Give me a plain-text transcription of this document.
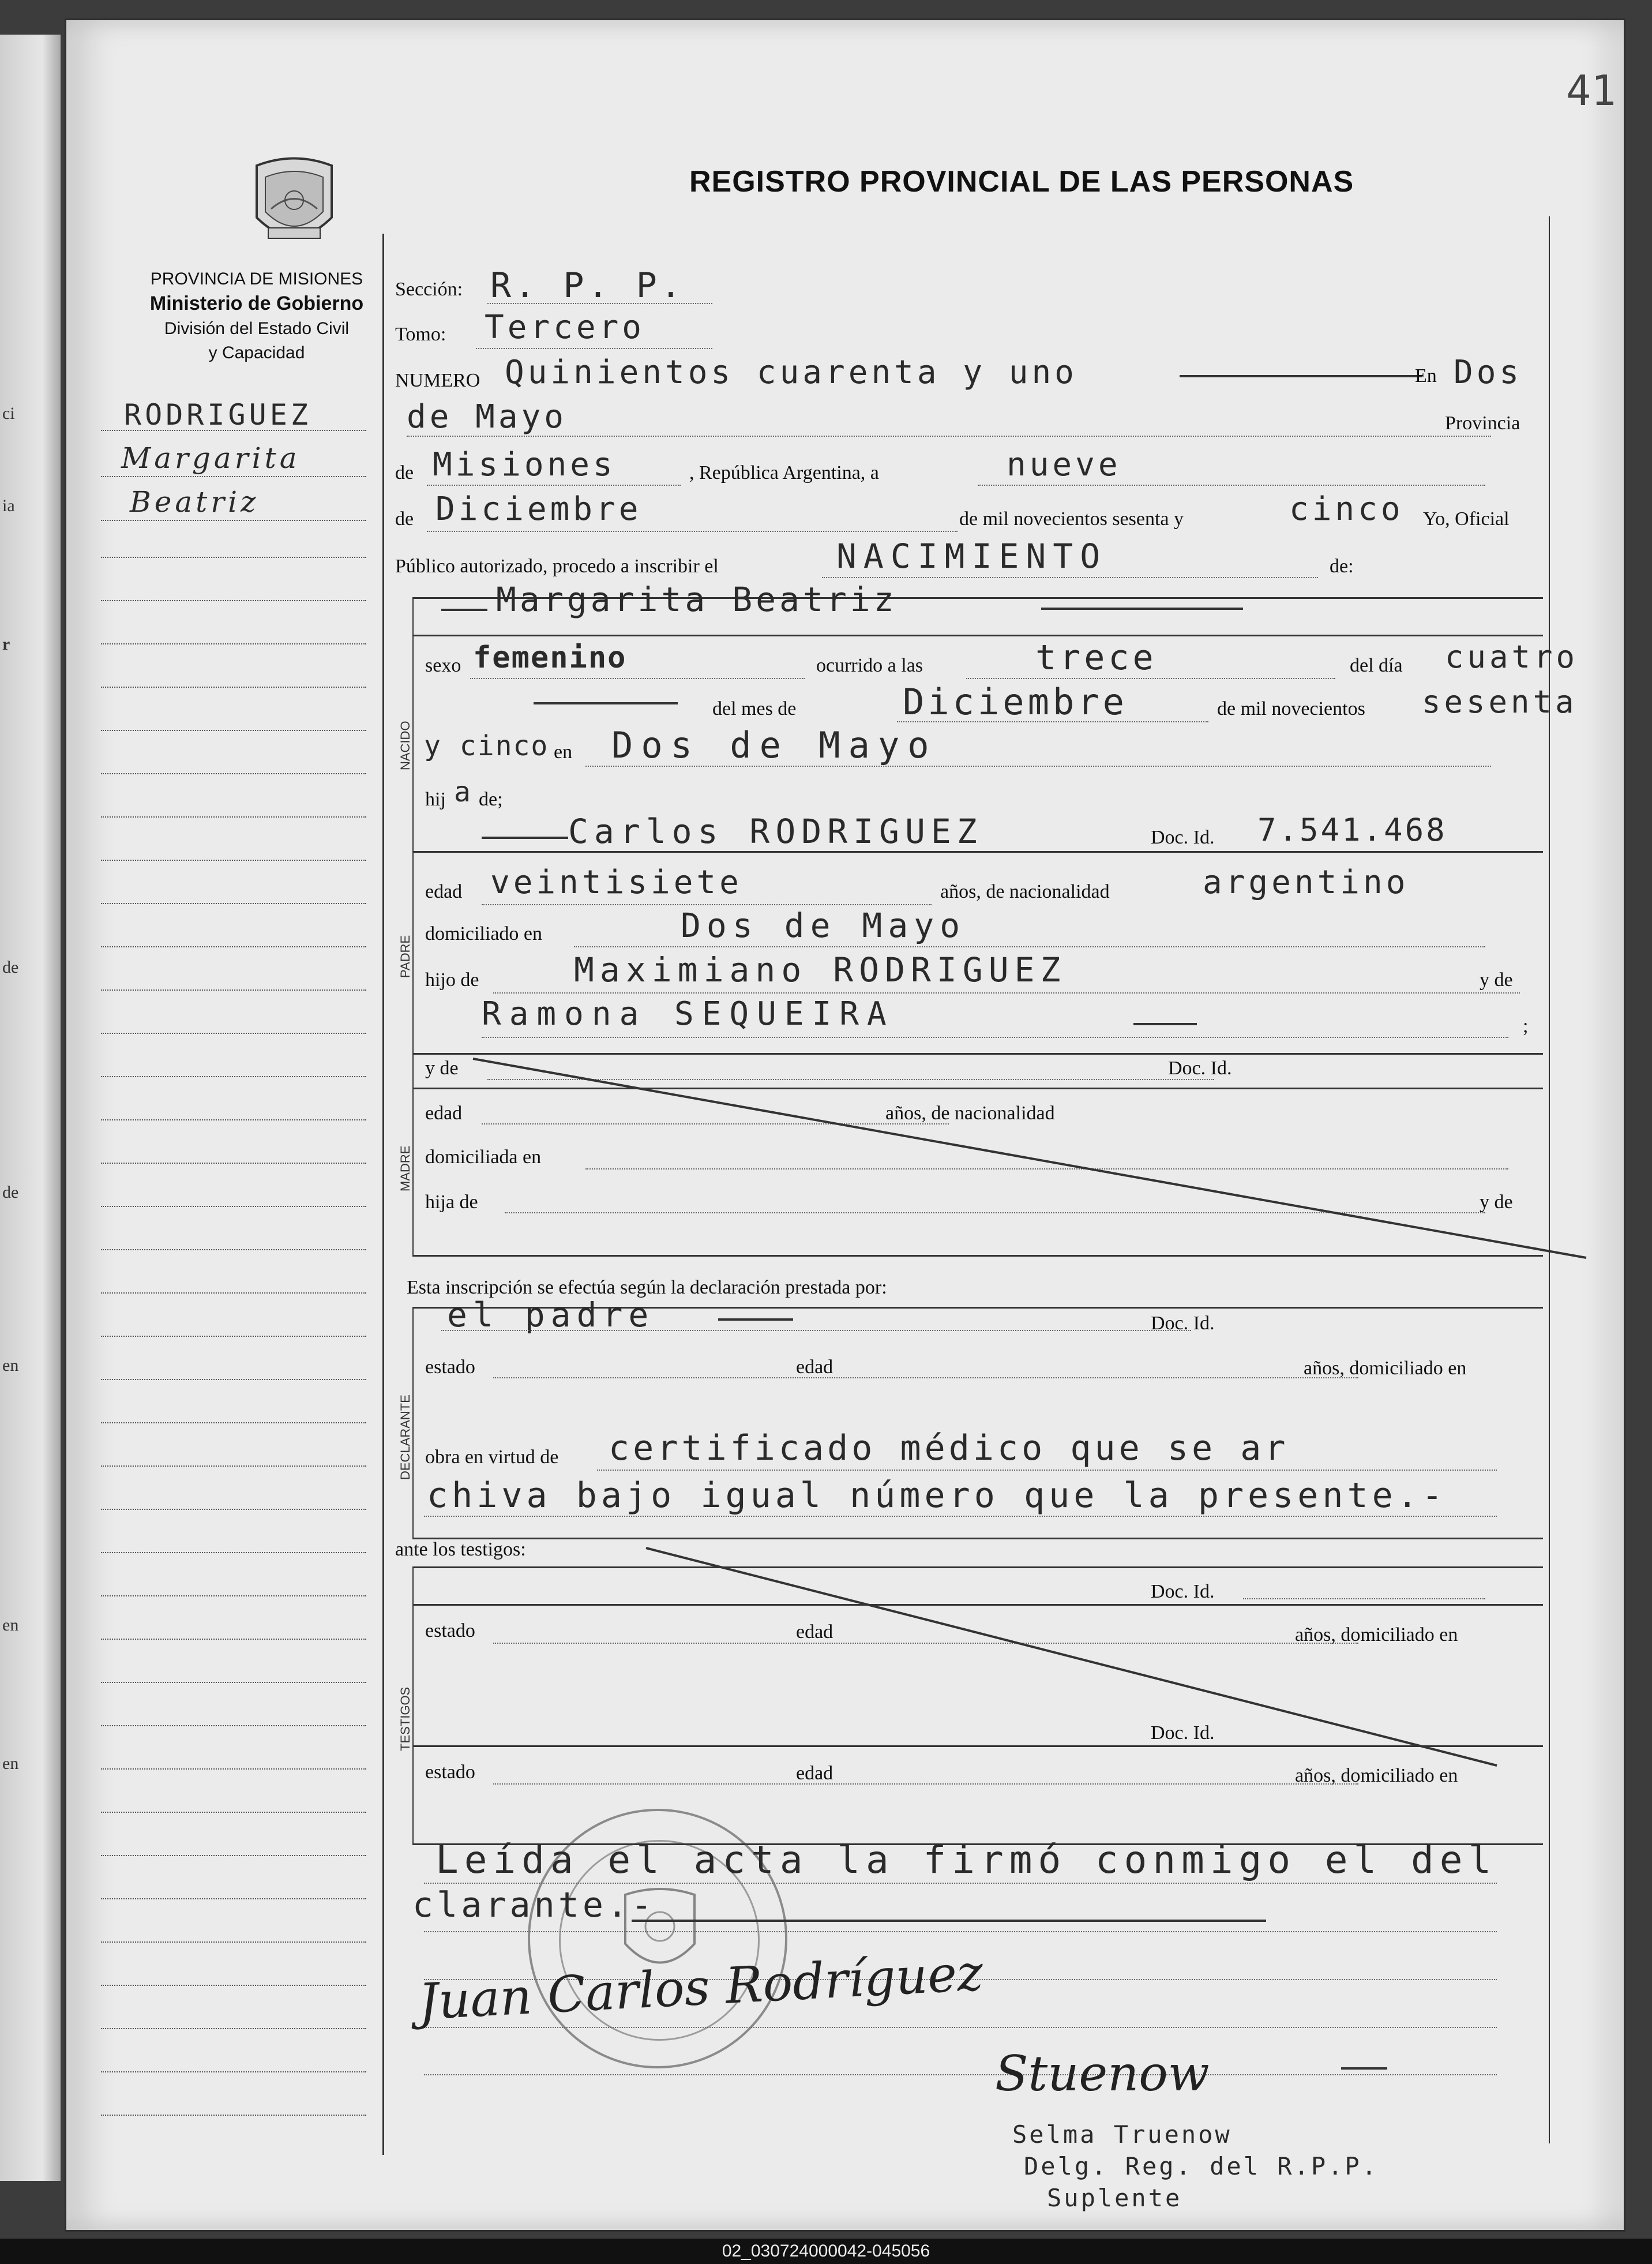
ci
ia
r
de
de
en
en
en
41
PROVINCIA DE MISIONES
Ministerio de Gobierno
División del Estado Civil
y Capacidad
REGISTRO PROVINCIAL DE LAS PERSONAS
RODRIGUEZ
Margarita
Beatriz
Sección: R. P. P.
Tomo: Tercero
NUMERO Quinientos cuarenta y uno	En Dos
de Mayo	Provincia
de Misiones	, República Argentina, a	nueve
de Diciembre	de mil novecientos sesenta y	cinco Yo, Oficial
Público autorizado, procedo a inscribir el	NACIMIENTO	de:
NACIDO
Margarita Beatriz
sexo femenino	ocurrido a las	trece	del día cuatro
del mes de	Diciembre	de mil novecientos sesenta
y cinco en Dos de Mayo
hij a de;
PADRE
Carlos RODRIGUEZ	Doc. Id. 7.541.468
edad veintisiete	años, de nacionalidad	argentino
domiciliado en	Dos de Mayo
hijo de	Maximiano RODRIGUEZ	y de
Ramona SEQUEIRA	;
MADRE
y de	Doc. Id.
edad	años, de nacionalidad
domiciliada en
hija de	y de
Esta inscripción se efectúa según la declaración prestada por:
DECLARANTE
el padre	Doc. Id.
estado	edad	años, domiciliado en
obra en virtud de certificado médico que se ar
chiva bajo igual número que la presente.-
ante los testigos:
TESTIGOS
Doc. Id.
estado	edad	años, domiciliado en
Doc. Id.
estado	edad	años, domiciliado en
Leída el acta la firmó conmigo el del
clarante.-
Juan Carlos Rodríguez
Stuenow
Selma Truenow
Delg. Reg. del R.P.P.
Suplente
02_030724000042-045056
